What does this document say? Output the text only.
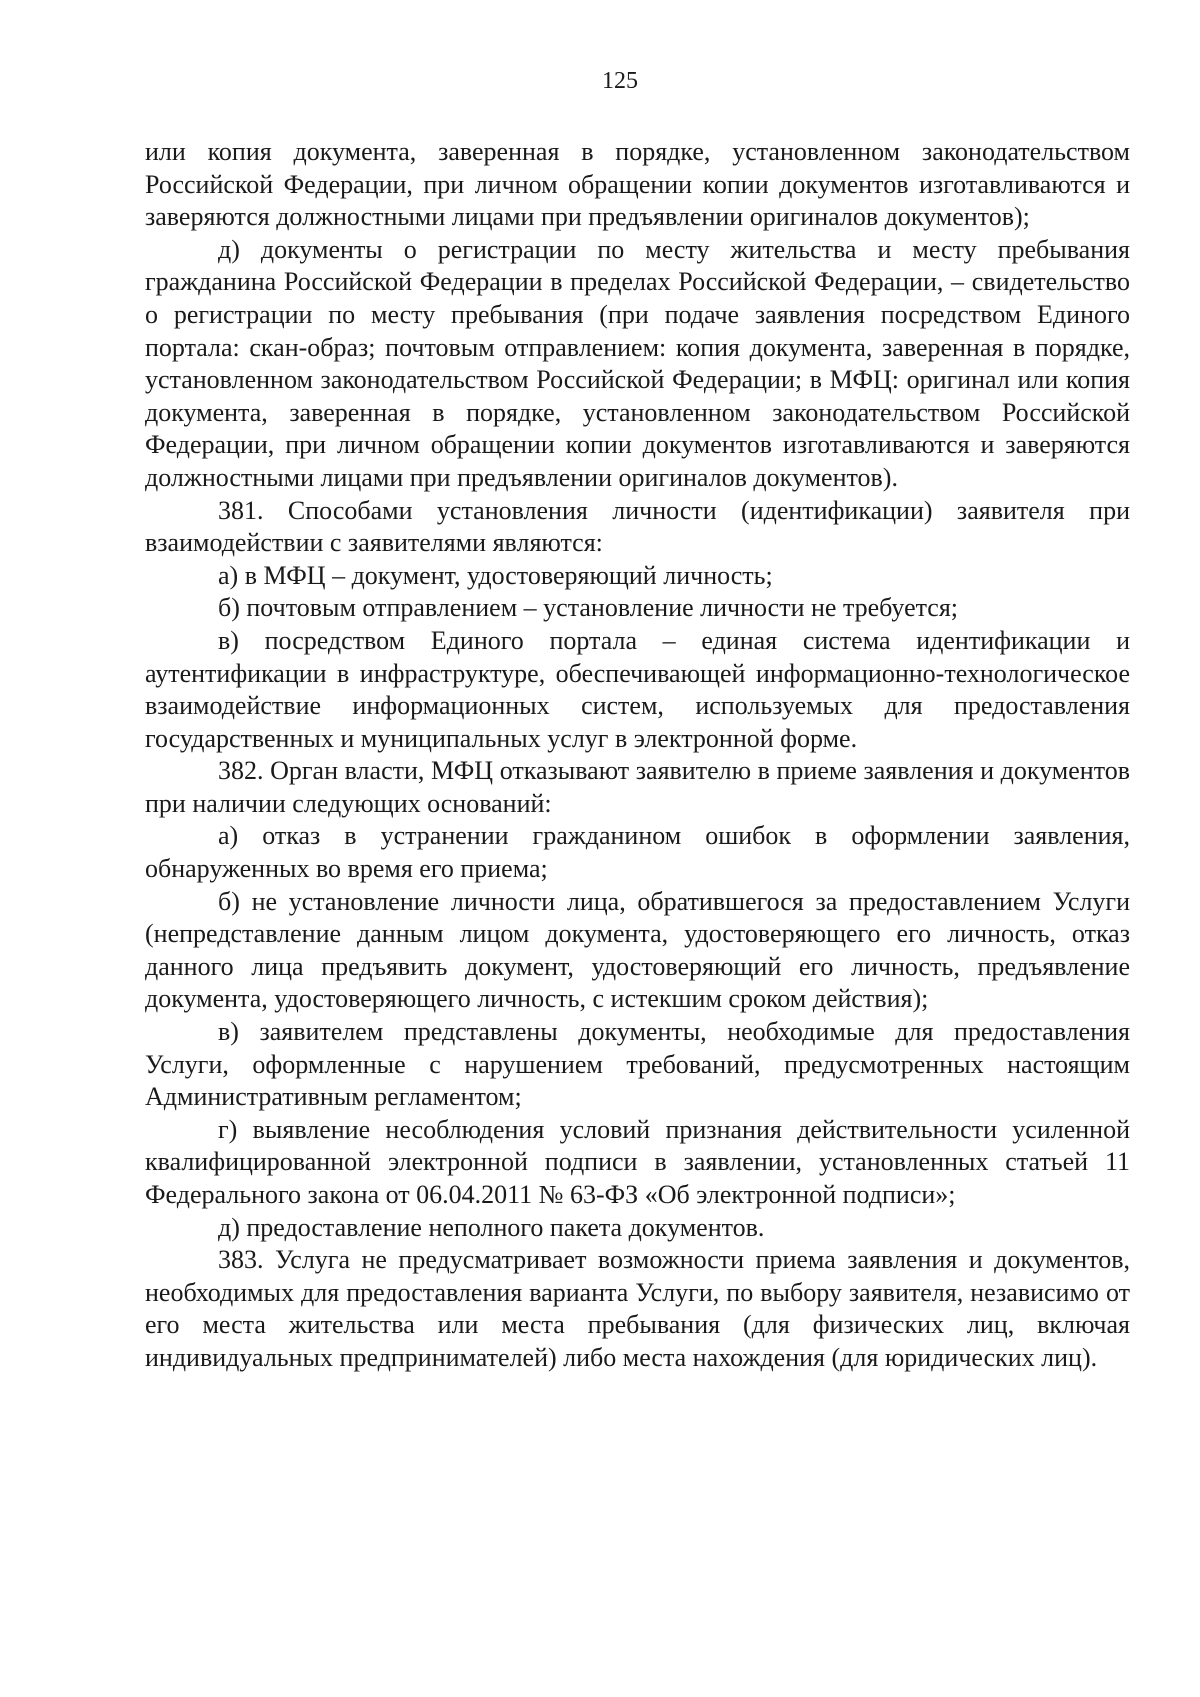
125

или копия документа, заверенная в порядке, установленном законодательством Российской Федерации, при личном обращении копии документов изготавливаются и заверяются должностными лицами при предъявлении оригиналов документов);

д) документы о регистрации по месту жительства и месту пребывания гражданина Российской Федерации в пределах Российской Федерации, – свидетельство о регистрации по месту пребывания (при подаче заявления посредством Единого портала: скан-образ; почтовым отправлением: копия документа, заверенная в порядке, установленном законодательством Российской Федерации; в МФЦ: оригинал или копия документа, заверенная в порядке, установленном законодательством Российской Федерации, при личном обращении копии документов изготавливаются и заверяются должностными лицами при предъявлении оригиналов документов).

381. Способами установления личности (идентификации) заявителя при взаимодействии с заявителями являются:

а) в МФЦ – документ, удостоверяющий личность;

б) почтовым отправлением – установление личности не требуется;

в) посредством Единого портала – единая система идентификации и аутентификации в инфраструктуре, обеспечивающей информационно-технологическое взаимодействие информационных систем, используемых для предоставления государственных и муниципальных услуг в электронной форме.

382. Орган власти, МФЦ отказывают заявителю в приеме заявления и документов при наличии следующих оснований:

а) отказ в устранении гражданином ошибок в оформлении заявления, обнаруженных во время его приема;

б) не установление личности лица, обратившегося за предоставлением Услуги (непредставление данным лицом документа, удостоверяющего его личность, отказ данного лица предъявить документ, удостоверяющий его личность, предъявление документа, удостоверяющего личность, с истекшим сроком действия);

в) заявителем представлены документы, необходимые для предоставления Услуги, оформленные с нарушением требований, предусмотренных настоящим Административным регламентом;

г) выявление несоблюдения условий признания действительности усиленной квалифицированной электронной подписи в заявлении, установленных статьей 11 Федерального закона от 06.04.2011 № 63-ФЗ «Об электронной подписи»;

д) предоставление неполного пакета документов.

383. Услуга не предусматривает возможности приема заявления и документов, необходимых для предоставления варианта Услуги, по выбору заявителя, независимо от его места жительства или места пребывания (для физических лиц, включая индивидуальных предпринимателей) либо места нахождения (для юридических лиц).
